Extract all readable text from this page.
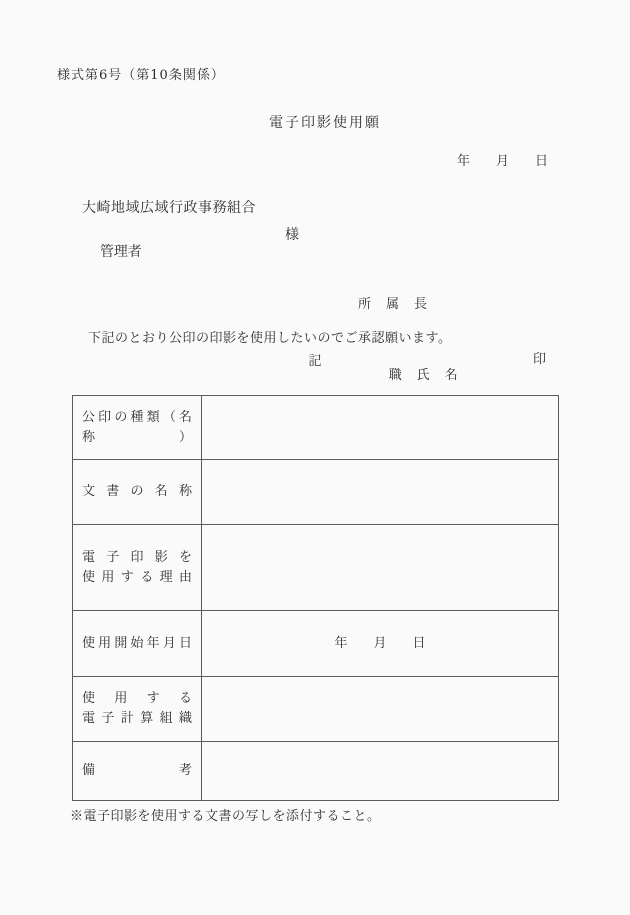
様式第6号（第10条関係）
電子印影使用願
年　　月　　日
大崎地域広域行政事務組合

管理者

様

所　属　長

職　氏　名

印

下記のとおり公印の印影を使用したいのでご承認願います。
記
公印の種類（名称）
文書の名称
電子印影を
使用する理由
使用開始年月日	年　　月　　日
使用する
電子計算組織
備考
※電子印影を使用する文書の写しを添付すること。
